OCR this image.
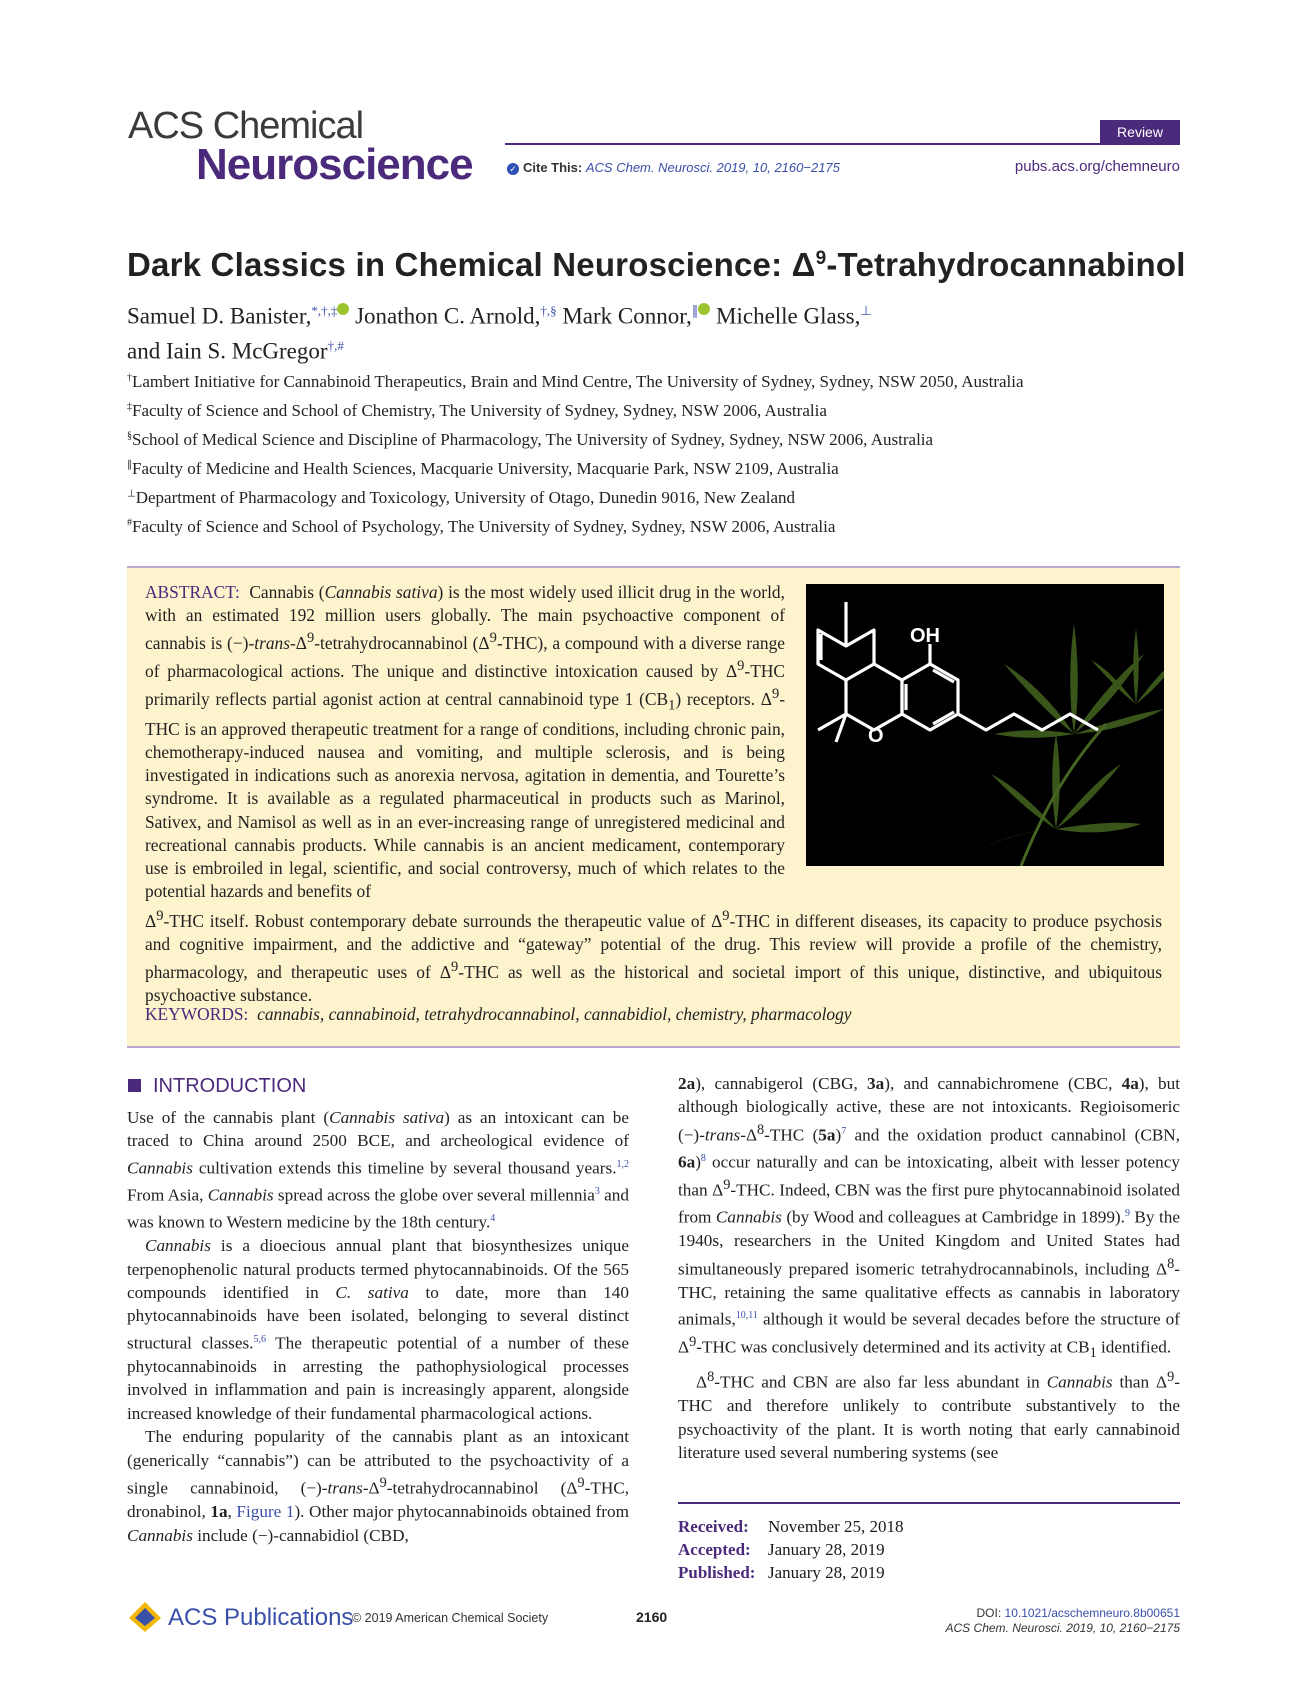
ACS Chemical
Neuroscience
Review
✓ Cite This: ACS Chem. Neurosci. 2019, 10, 2160−2175	pubs.acs.org/chemneuro
Dark Classics in Chemical Neuroscience: $\Delta^9$-Tetrahydrocannabinol
Samuel D. Banister,*,†,‡ Jonathon C. Arnold,†,§ Mark Connor,∥ Michelle Glass,⊥
and Iain S. McGregor†,#
†Lambert Initiative for Cannabinoid Therapeutics, Brain and Mind Centre, The University of Sydney, Sydney, NSW 2050, Australia
‡Faculty of Science and School of Chemistry, The University of Sydney, Sydney, NSW 2006, Australia
§School of Medical Science and Discipline of Pharmacology, The University of Sydney, Sydney, NSW 2006, Australia
∥Faculty of Medicine and Health Sciences, Macquarie University, Macquarie Park, NSW 2109, Australia
⊥Department of Pharmacology and Toxicology, University of Otago, Dunedin 9016, New Zealand
#Faculty of Science and School of Psychology, The University of Sydney, Sydney, NSW 2006, Australia
ABSTRACT: Cannabis (Cannabis sativa) is the most widely used illicit drug in the world, with an estimated 192 million users globally. The main psychoactive component of cannabis is $(-)-trans-\Delta^9$-tetrahydrocannabinol $(\Delta^9-THC)$, a compound with a diverse range of pharmacological actions. The unique and distinctive intoxication caused by $\Delta^9$-THC primarily reflects partial agonist action at central cannabinoid type 1 $(CB_1)$ receptors. $\Delta^9$-THC is an approved therapeutic treatment for a range of conditions, including chronic pain, chemotherapy-induced nausea and vomiting, and multiple sclerosis, and is being investigated in indications such as anorexia nervosa, agitation in dementia, and Tourette’s syndrome. It is available as a regulated pharmaceutical in products such as Marinol, Sativex, and Namisol as well as in an ever-increasing range of unregistered medicinal and recreational cannabis products. While cannabis is an ancient medicament, contemporary use is embroiled in legal, scientific, and social controversy, much of which relates to the potential hazards and benefits of
$\Delta^9$-THC itself. Robust contemporary debate surrounds the therapeutic value of $\Delta^9$-THC in different diseases, its capacity to produce psychosis and cognitive impairment, and the addictive and “gateway” potential of the drug. This review will provide a profile of the chemistry, pharmacology, and therapeutic uses of $\Delta^9$-THC as well as the historical and societal import of this unique, distinctive, and ubiquitous psychoactive substance.
KEYWORDS: cannabis, cannabinoid, tetrahydrocannabinol, cannabidiol, chemistry, pharmacology
OH
O
INTRODUCTION

Use of the cannabis plant (Cannabis sativa) as an intoxicant can be traced to China around 2500 BCE, and archeological evidence of Cannabis cultivation extends this timeline by several thousand years.$^{1,2}$ From Asia, Cannabis spread across the globe over several millennia$^3$ and was known to Western medicine by the 18th century.$^4$

Cannabis is a dioecious annual plant that biosynthesizes unique terpenophenolic natural products termed phytocannabinoids. Of the 565 compounds identified in C. sativa to date, more than 140 phytocannabinoids have been isolated, belonging to several distinct structural classes.$^{5,6}$ The therapeutic potential of a number of these phytocannabinoids in arresting the pathophysiological processes involved in inflammation and pain is increasingly apparent, alongside increased knowledge of their fundamental pharmacological actions.

The enduring popularity of the cannabis plant as an intoxicant (generically “cannabis”) can be attributed to the psychoactivity of a single cannabinoid, $(-)-trans-\Delta^9$-tetrahydrocannabinol ($\Delta^9$-THC, dronabinol, 1a, Figure 1). Other major phytocannabinoids obtained from Cannabis include (−)-cannabidiol (CBD,

2a), cannabigerol (CBG, 3a), and cannabichromene (CBC, 4a), but although biologically active, these are not intoxicants. Regioisomeric $(-)-trans-\Delta^8$-THC (5a)$^7$ and the oxidation product cannabinol (CBN, 6a)$^8$ occur naturally and can be intoxicating, albeit with lesser potency than $\Delta^9$-THC. Indeed, CBN was the first pure phytocannabinoid isolated from Cannabis (by Wood and colleagues at Cambridge in 1899).$^9$ By the 1940s, researchers in the United Kingdom and United States had simultaneously prepared isomeric tetrahydrocannabinols, including $\Delta^8$-THC, retaining the same qualitative effects as cannabis in laboratory animals,$^{10,11}$ although it would be several decades before the structure of $\Delta^9$-THC was conclusively determined and its activity at $CB_1$ identified.

$\Delta^8$-THC and CBN are also far less abundant in Cannabis than $\Delta^9$-THC and therefore unlikely to contribute substantively to the psychoactivity of the plant. It is worth noting that early cannabinoid literature used several numbering systems (see

Received: November 25, 2018
Accepted: January 28, 2019
Published: January 28, 2019
ACS Publications
© 2019 American Chemical Society	2160	DOI: 10.1021/acschemneuro.8b00651
ACS Chem. Neurosci. 2019, 10, 2160−2175
